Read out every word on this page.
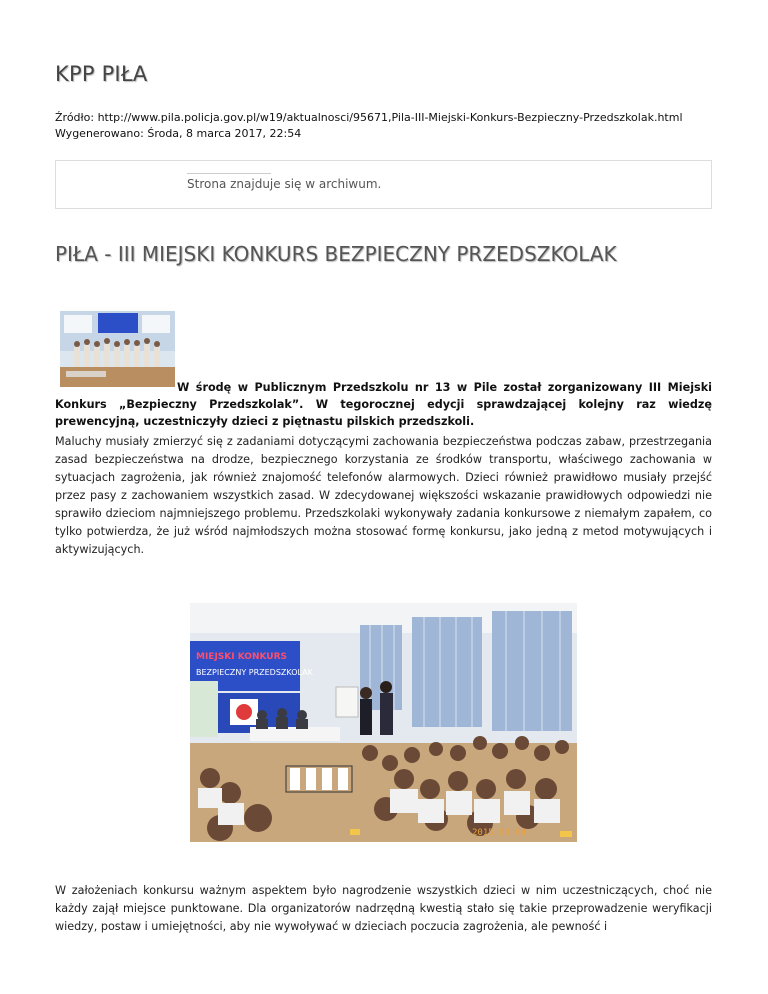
KPP PIŁA
Źródło: http://www.pila.policja.gov.pl/w19/aktualnosci/95671,Pila-III-Miejski-Konkurs-Bezpieczny-Przedszkolak.html
Wygenerowano: Środa, 8 marca 2017, 22:54
Strona znajduje się w archiwum.
PIŁA - III MIEJSKI KONKURS BEZPIECZNY PRZEDSZKOLAK
W środę w Publicznym Przedszkolu nr 13 w Pile został zorganizowany III Miejski Konkurs „Bezpieczny Przedszkolak”. W tegorocznej edycji sprawdzającej kolejny raz wiedzę prewencyjną, uczestniczyły dzieci z piętnastu pilskich przedszkoli.
Maluchy musiały zmierzyć się z zadaniami dotyczącymi zachowania bezpieczeństwa podczas zabaw, przestrzegania zasad bezpieczeństwa na drodze, bezpiecznego korzystania ze środków transportu, właściwego zachowania w sytuacjach zagrożenia, jak również znajomość telefonów alarmowych. Dzieci również prawidłowo musiały przejść przez pasy z zachowaniem wszystkich zasad. W zdecydowanej większości wskazanie prawidłowych odpowiedzi nie sprawiło dzieciom najmniejszego problemu. Przedszkolaki wykonywały zadania konkursowe z niemałym zapałem, co tylko potwierdza, że już wśród najmłodszych można stosować formę konkursu, jako jedną z metod motywujących i aktywizujących.
MIEJSKI KONKURS
BEZPIECZNY PRZEDSZKOLAK
2015 03 04
W założeniach konkursu ważnym aspektem było nagrodzenie wszystkich dzieci w nim uczestniczących, choć nie każdy zajął miejsce punktowane. Dla organizatorów nadrzędną kwestią stało się takie przeprowadzenie weryfikacji wiedzy, postaw i umiejętności, aby nie wywoływać w dzieciach poczucia zagrożenia, ale pewność i
